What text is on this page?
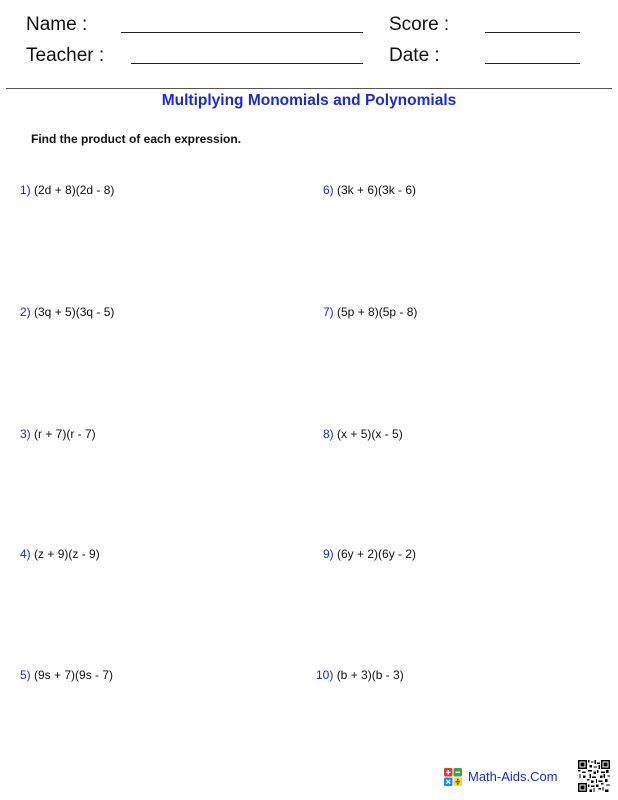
Name :	Score :
Teacher :	Date :
Multiplying Monomials and Polynomials
Find the product of each expression.
1) (2d + 8)(2d - 8)
2) (3q + 5)(3q - 5)
3) (r + 7)(r - 7)
4) (z + 9)(z - 9)
5) (9s + 7)(9s - 7)
6) (3k + 6)(3k - 6)
7) (5p + 8)(5p - 8)
8) (x + 5)(x - 5)
9) (6y + 2)(6y - 2)
10) (b + 3)(b - 3)
Math-Aids.Com
